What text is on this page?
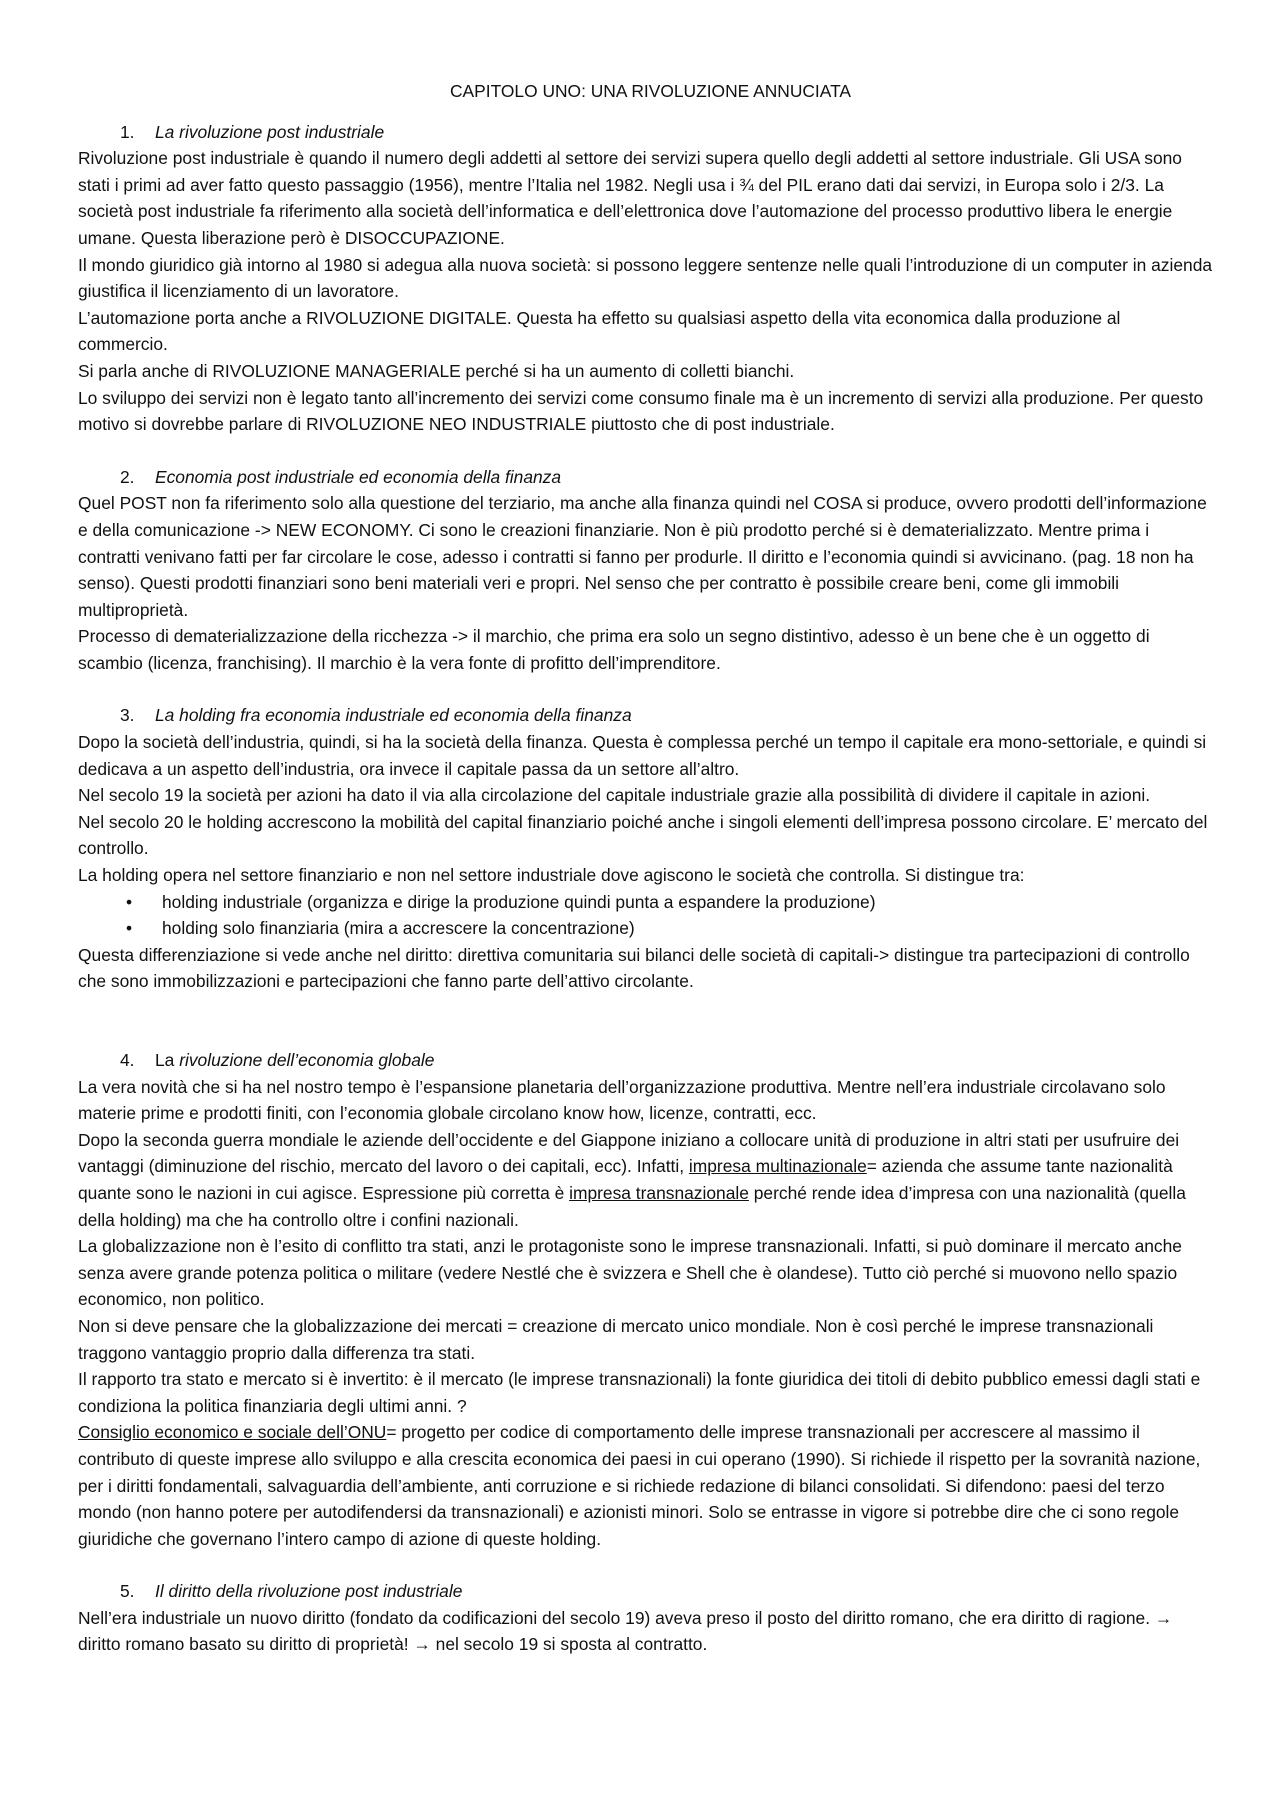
CAPITOLO UNO: UNA RIVOLUZIONE ANNUCIATA
1. La rivoluzione post industriale

Rivoluzione post industriale è quando il numero degli addetti al settore dei servizi supera quello degli addetti al settore industriale. Gli USA sono stati i primi ad aver fatto questo passaggio (1956), mentre l’Italia nel 1982. Negli usa i ¾ del PIL erano dati dai servizi, in Europa solo i 2/3. La società post industriale fa riferimento alla società dell’informatica e dell’elettronica dove l’automazione del processo produttivo libera le energie umane. Questa liberazione però è DISOCCUPAZIONE.

Il mondo giuridico già intorno al 1980 si adegua alla nuova società: si possono leggere sentenze nelle quali l’introduzione di un computer in azienda giustifica il licenziamento di un lavoratore.

L’automazione porta anche a RIVOLUZIONE DIGITALE. Questa ha effetto su qualsiasi aspetto della vita economica dalla produzione al commercio.

Si parla anche di RIVOLUZIONE MANAGERIALE perché si ha un aumento di colletti bianchi.

Lo sviluppo dei servizi non è legato tanto all’incremento dei servizi come consumo finale ma è un incremento di servizi alla produzione. Per questo motivo si dovrebbe parlare di RIVOLUZIONE NEO INDUSTRIALE piuttosto che di post industriale.

2. Economia post industriale ed economia della finanza

Quel POST non fa riferimento solo alla questione del terziario, ma anche alla finanza quindi nel COSA si produce, ovvero prodotti dell’informazione e della comunicazione -> NEW ECONOMY. Ci sono le creazioni finanziarie. Non è più prodotto perché si è dematerializzato. Mentre prima i contratti venivano fatti per far circolare le cose, adesso i contratti si fanno per produrle. Il diritto e l’economia quindi si avvicinano. (pag. 18 non ha senso). Questi prodotti finanziari sono beni materiali veri e propri. Nel senso che per contratto è possibile creare beni, come gli immobili multiproprietà.

Processo di dematerializzazione della ricchezza -> il marchio, che prima era solo un segno distintivo, adesso è un bene che è un oggetto di scambio (licenza, franchising). Il marchio è la vera fonte di profitto dell’imprenditore.

3. La holding fra economia industriale ed economia della finanza

Dopo la società dell’industria, quindi, si ha la società della finanza. Questa è complessa perché un tempo il capitale era mono-settoriale, e quindi si dedicava a un aspetto dell’industria, ora invece il capitale passa da un settore all’altro.

Nel secolo 19 la società per azioni ha dato il via alla circolazione del capitale industriale grazie alla possibilità di dividere il capitale in azioni.

Nel secolo 20 le holding accrescono la mobilità del capital finanziario poiché anche i singoli elementi dell’impresa possono circolare. E’ mercato del controllo.

La holding opera nel settore finanziario e non nel settore industriale dove agiscono le società che controlla. Si distingue tra:

• holding industriale (organizza e dirige la produzione quindi punta a espandere la produzione)
• holding solo finanziaria (mira a accrescere la concentrazione)

Questa differenziazione si vede anche nel diritto: direttiva comunitaria sui bilanci delle società di capitali-> distingue tra partecipazioni di controllo che sono immobilizzazioni e partecipazioni che fanno parte dell’attivo circolante.

4. La rivoluzione dell’economia globale

La vera novità che si ha nel nostro tempo è l’espansione planetaria dell’organizzazione produttiva. Mentre nell’era industriale circolavano solo materie prime e prodotti finiti, con l’economia globale circolano know how, licenze, contratti, ecc.

Dopo la seconda guerra mondiale le aziende dell’occidente e del Giappone iniziano a collocare unità di produzione in altri stati per usufruire dei vantaggi (diminuzione del rischio, mercato del lavoro o dei capitali, ecc). Infatti, impresa multinazionale= azienda che assume tante nazionalità quante sono le nazioni in cui agisce. Espressione più corretta è impresa transnazionale perché rende idea d’impresa con una nazionalità (quella della holding) ma che ha controllo oltre i confini nazionali.

La globalizzazione non è l’esito di conflitto tra stati, anzi le protagoniste sono le imprese transnazionali. Infatti, si può dominare il mercato anche senza avere grande potenza politica o militare (vedere Nestlé che è svizzera e Shell che è olandese). Tutto ciò perché si muovono nello spazio economico, non politico.

Non si deve pensare che la globalizzazione dei mercati = creazione di mercato unico mondiale. Non è così perché le imprese transnazionali traggono vantaggio proprio dalla differenza tra stati.

Il rapporto tra stato e mercato si è invertito: è il mercato (le imprese transnazionali) la fonte giuridica dei titoli di debito pubblico emessi dagli stati e condiziona la politica finanziaria degli ultimi anni. ?

Consiglio economico e sociale dell’ONU= progetto per codice di comportamento delle imprese transnazionali per accrescere al massimo il contributo di queste imprese allo sviluppo e alla crescita economica dei paesi in cui operano (1990). Si richiede il rispetto per la sovranità nazione, per i diritti fondamentali, salvaguardia dell’ambiente, anti corruzione e si richiede redazione di bilanci consolidati. Si difendono: paesi del terzo mondo (non hanno potere per autodifendersi da transnazionali) e azionisti minori. Solo se entrasse in vigore si potrebbe dire che ci sono regole giuridiche che governano l’intero campo di azione di queste holding.

5. Il diritto della rivoluzione post industriale

Nell’era industriale un nuovo diritto (fondato da codificazioni del secolo 19) aveva preso il posto del diritto romano, che era diritto di ragione. → diritto romano basato su diritto di proprietà! → nel secolo 19 si sposta al contratto.
